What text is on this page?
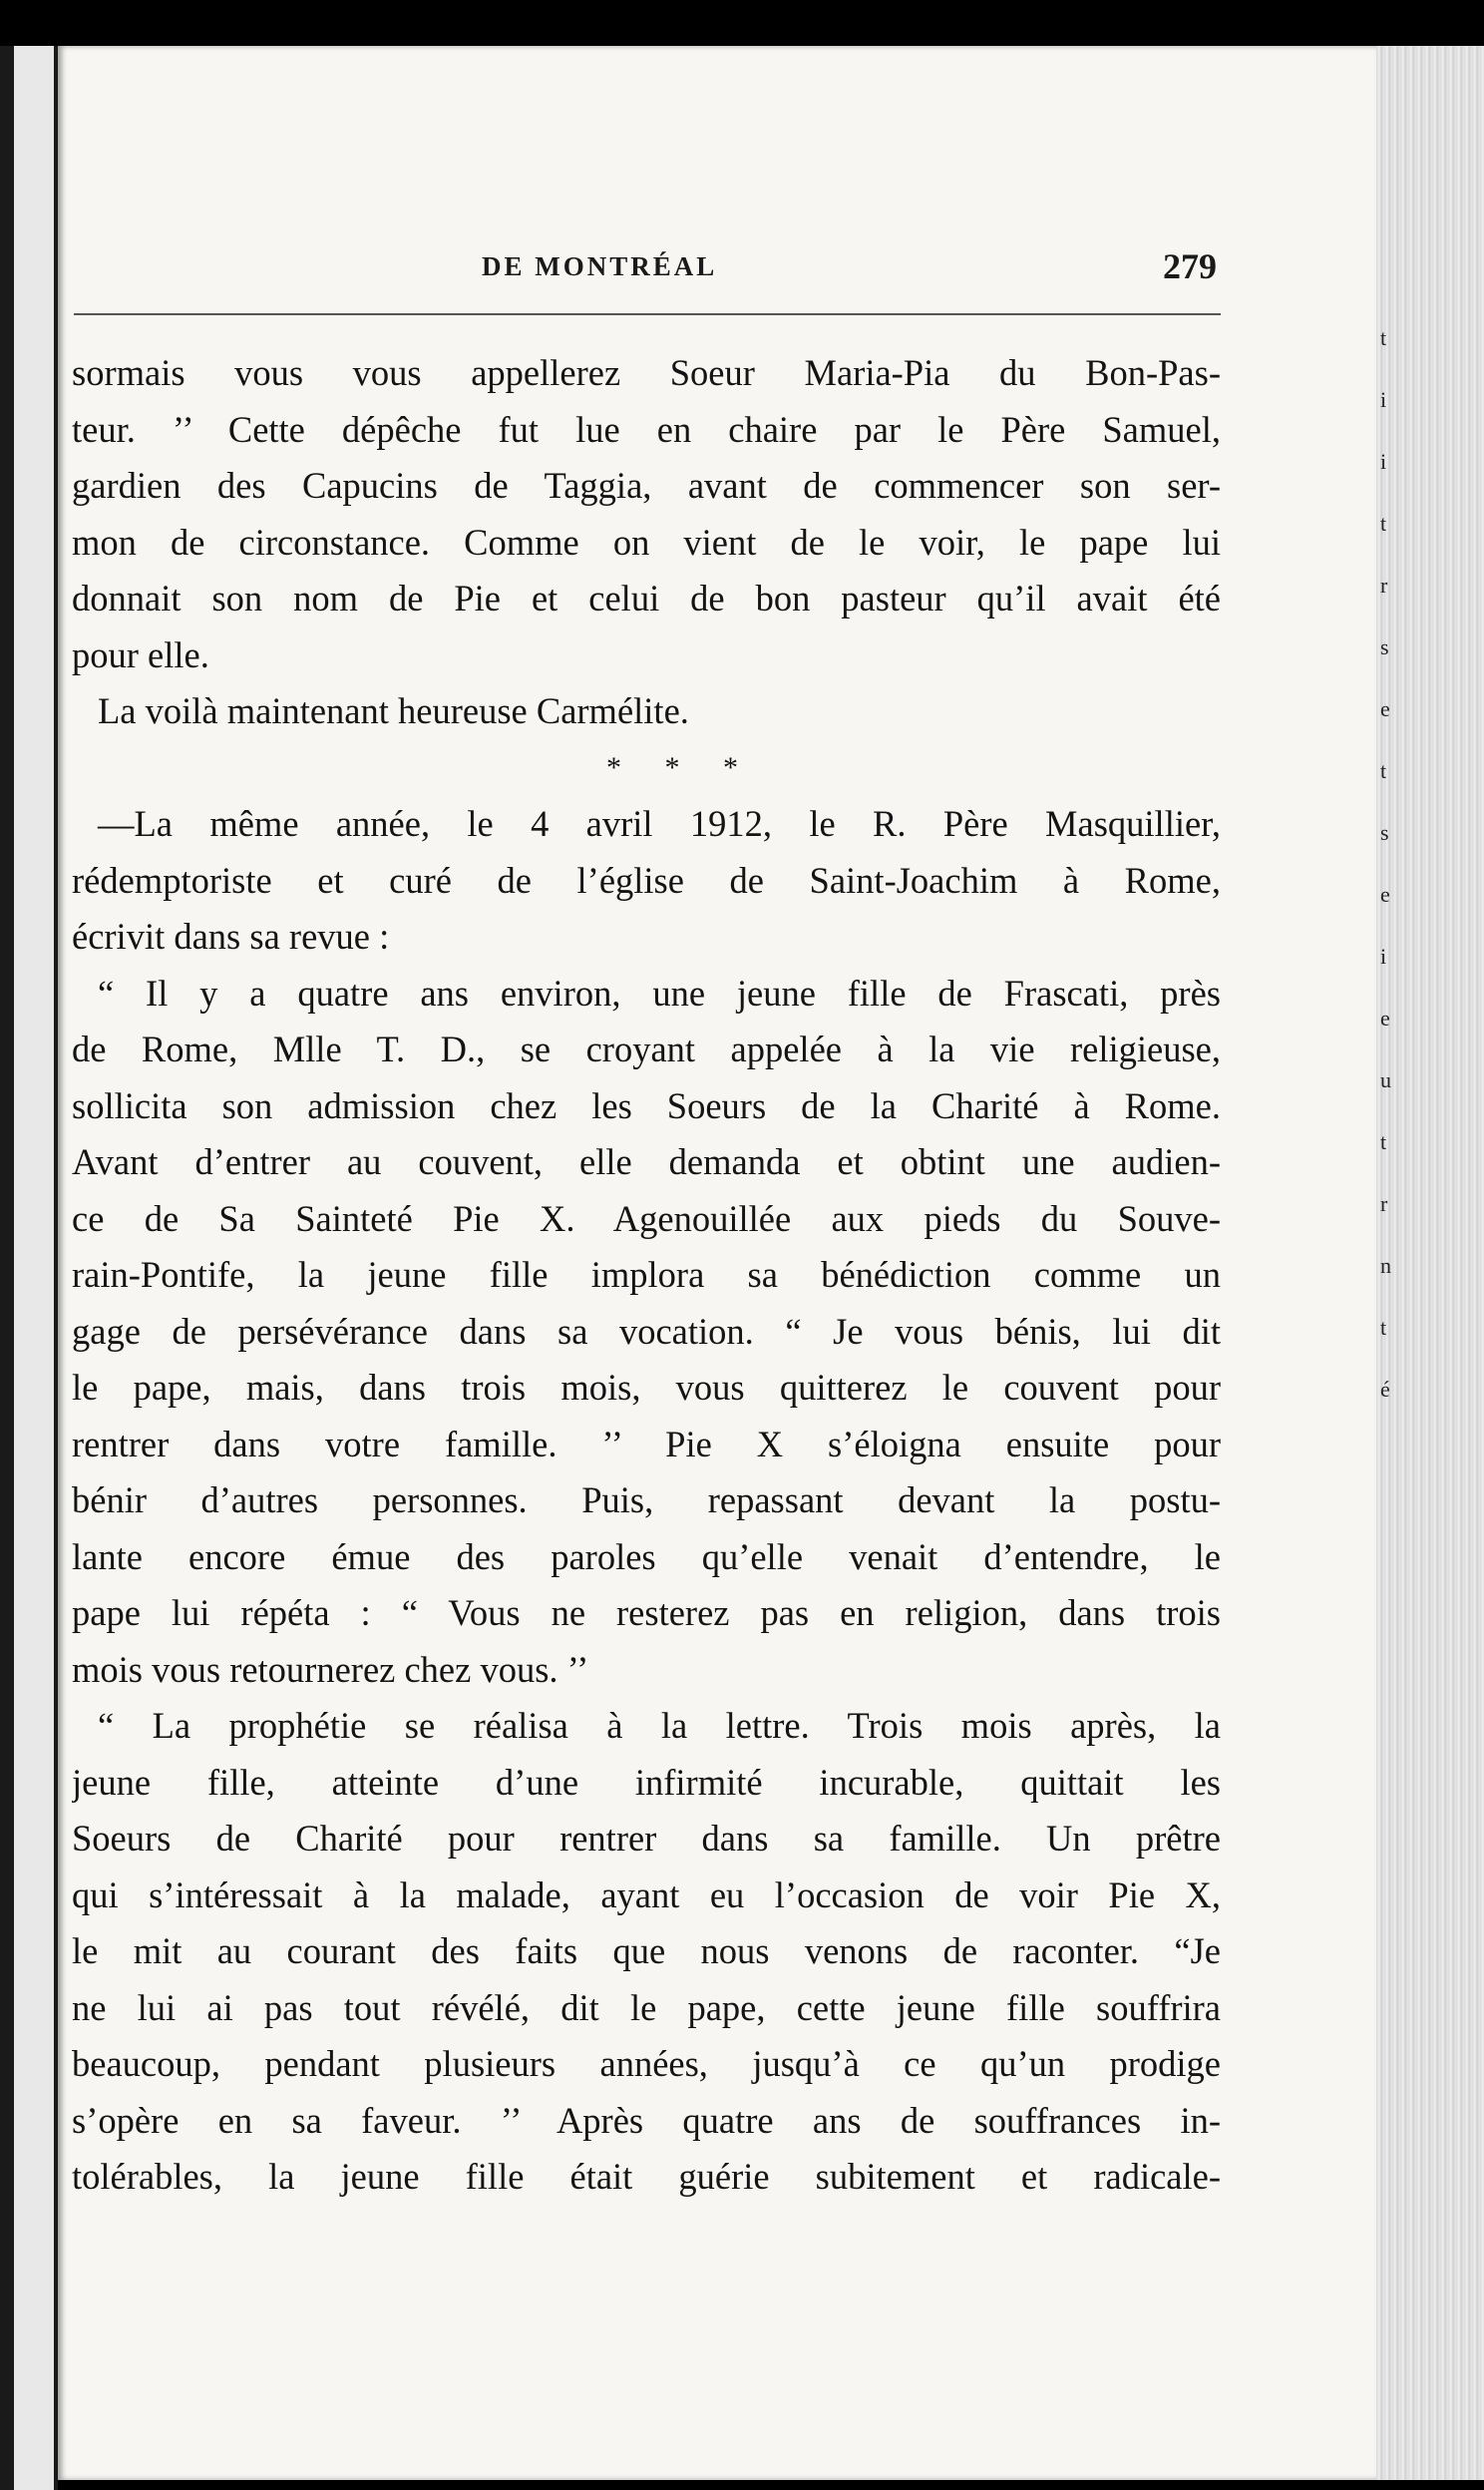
DE MONTRÉAL	279
sormais vous vous appellerez Soeur Maria-Pia du Bon-Pas-
teur. ’’ Cette dépêche fut lue en chaire par le Père Samuel,
gardien des Capucins de Taggia, avant de commencer son ser-
mon de circonstance. Comme on vient de le voir, le pape lui
donnait son nom de Pie et celui de bon pasteur qu’il avait été
pour elle.
La voilà maintenant heureuse Carmélite.
* * *
—La même année, le 4 avril 1912, le R. Père Masquillier,
rédemptoriste et curé de l’église de Saint-Joachim à Rome,
écrivit dans sa revue :
“ Il y a quatre ans environ, une jeune fille de Frascati, près
de Rome, Mlle T. D., se croyant appelée à la vie religieuse,
sollicita son admission chez les Soeurs de la Charité à Rome.
Avant d’entrer au couvent, elle demanda et obtint une audien-
ce de Sa Sainteté Pie X. Agenouillée aux pieds du Souve-
rain-Pontife, la jeune fille implora sa bénédiction comme un
gage de persévérance dans sa vocation. “ Je vous bénis, lui dit
le pape, mais, dans trois mois, vous quitterez le couvent pour
rentrer dans votre famille. ’’ Pie X s’éloigna ensuite pour
bénir d’autres personnes. Puis, repassant devant la postu-
lante encore émue des paroles qu’elle venait d’entendre, le
pape lui répéta : “ Vous ne resterez pas en religion, dans trois
mois vous retournerez chez vous. ’’
“ La prophétie se réalisa à la lettre. Trois mois après, la
jeune fille, atteinte d’une infirmité incurable, quittait les
Soeurs de Charité pour rentrer dans sa famille. Un prêtre
qui s’intéressait à la malade, ayant eu l’occasion de voir Pie X,
le mit au courant des faits que nous venons de raconter. “Je
ne lui ai pas tout révélé, dit le pape, cette jeune fille souffrira
beaucoup, pendant plusieurs années, jusqu’à ce qu’un prodige
s’opère en sa faveur. ’’ Après quatre ans de souffrances in-
tolérables, la jeune fille était guérie subitement et radicale-
t
i
i
t
r
s
e
t
s
e
i
e
u
t
r
n
t
é
